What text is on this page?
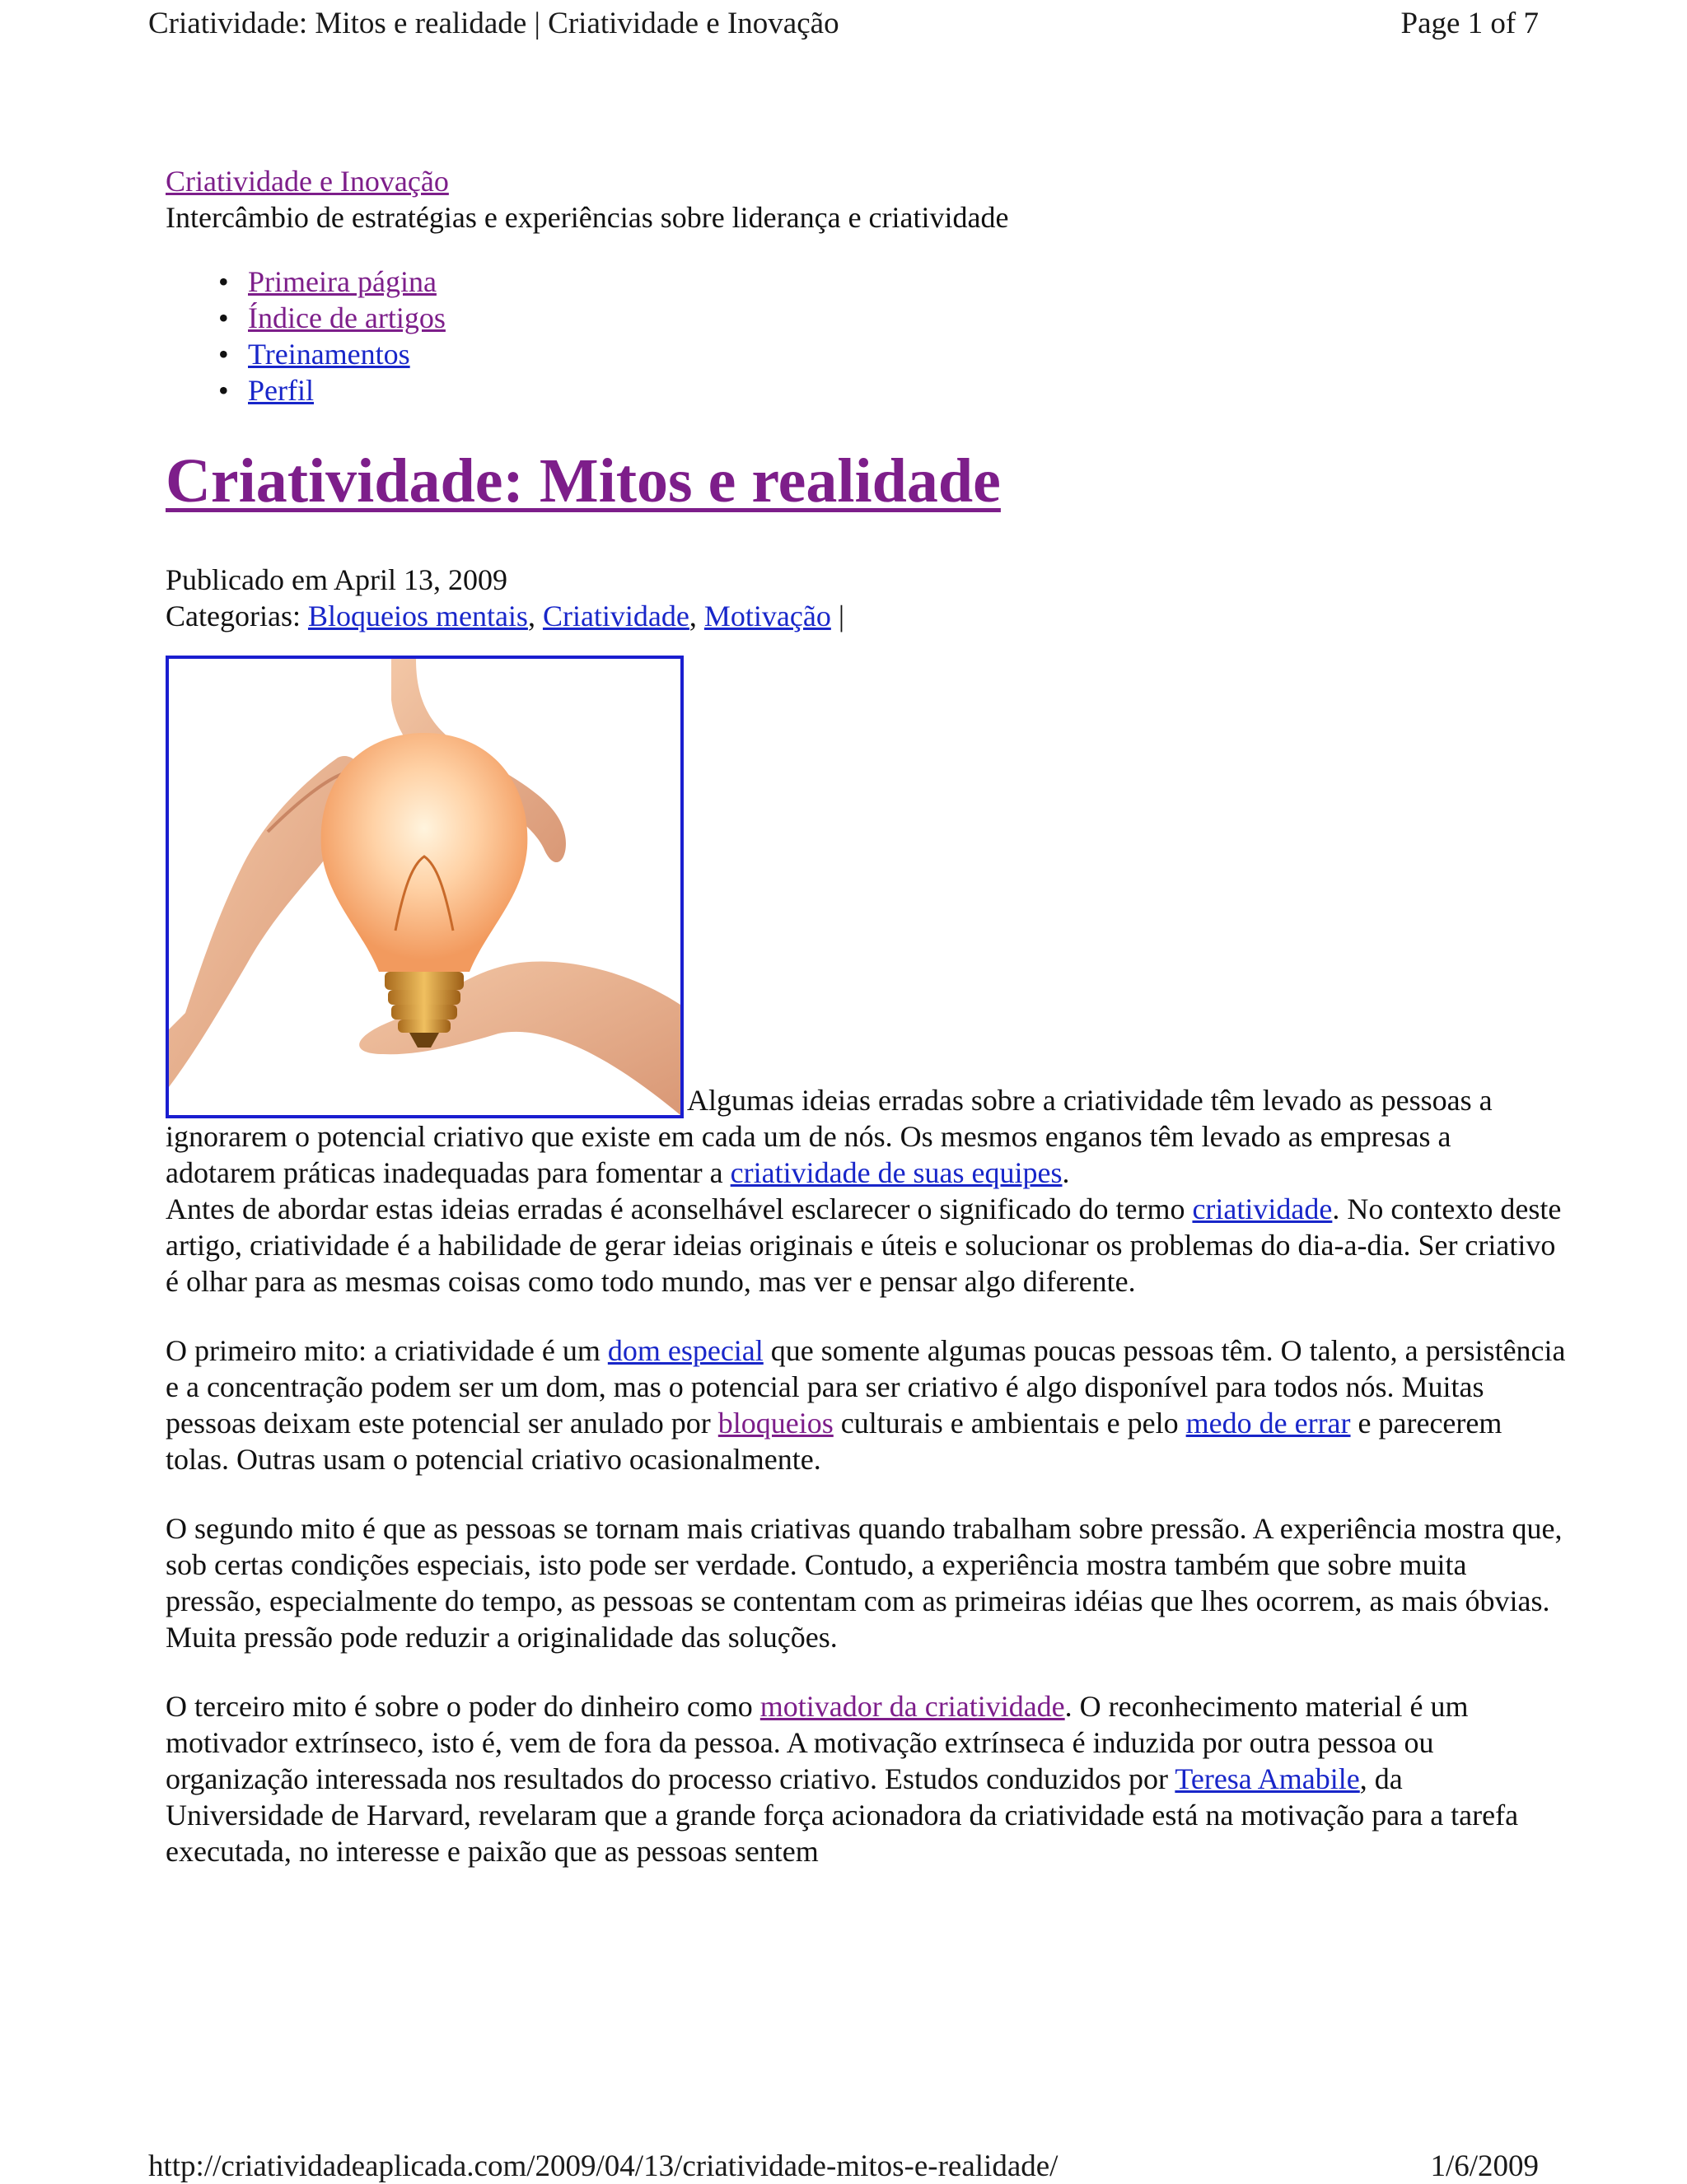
Criatividade: Mitos e realidade | Criatividade e Inovação	Page 1 of 7
Criatividade e Inovação
Intercâmbio de estratégias e experiências sobre liderança e criatividade
• Primeira página
• Índice de artigos
• Treinamentos
• Perfil
Criatividade: Mitos e realidade
Publicado em April 13, 2009
Categorias: Bloqueios mentais, Criatividade, Motivação |

Algumas ideias erradas sobre a criatividade têm levado as pessoas a ignorarem o potencial criativo que existe em cada um de nós. Os mesmos enganos têm levado as empresas a adotarem práticas inadequadas para fomentar a criatividade de suas equipes.

Antes de abordar estas ideias erradas é aconselhável esclarecer o significado do termo criatividade. No contexto deste artigo, criatividade é a habilidade de gerar ideias originais e úteis e solucionar os problemas do dia-a-dia. Ser criativo é olhar para as mesmas coisas como todo mundo, mas ver e pensar algo diferente.

O primeiro mito: a criatividade é um dom especial que somente algumas poucas pessoas têm. O talento, a persistência e a concentração podem ser um dom, mas o potencial para ser criativo é algo disponível para todos nós. Muitas pessoas deixam este potencial ser anulado por bloqueios culturais e ambientais e pelo medo de errar e parecerem tolas. Outras usam o potencial criativo ocasionalmente.

O segundo mito é que as pessoas se tornam mais criativas quando trabalham sobre pressão. A experiência mostra que, sob certas condições especiais, isto pode ser verdade. Contudo, a experiência mostra também que sobre muita pressão, especialmente do tempo, as pessoas se contentam com as primeiras idéias que lhes ocorrem, as mais óbvias. Muita pressão pode reduzir a originalidade das soluções.

O terceiro mito é sobre o poder do dinheiro como motivador da criatividade. O reconhecimento material é um motivador extrínseco, isto é, vem de fora da pessoa. A motivação extrínseca é induzida por outra pessoa ou organização interessada nos resultados do processo criativo. Estudos conduzidos por Teresa Amabile, da Universidade de Harvard, revelaram que a grande força acionadora da criatividade está na motivação para a tarefa executada, no interesse e paixão que as pessoas sentem

http://criatividadeaplicada.com/2009/04/13/criatividade-mitos-e-realidade/	1/6/2009
